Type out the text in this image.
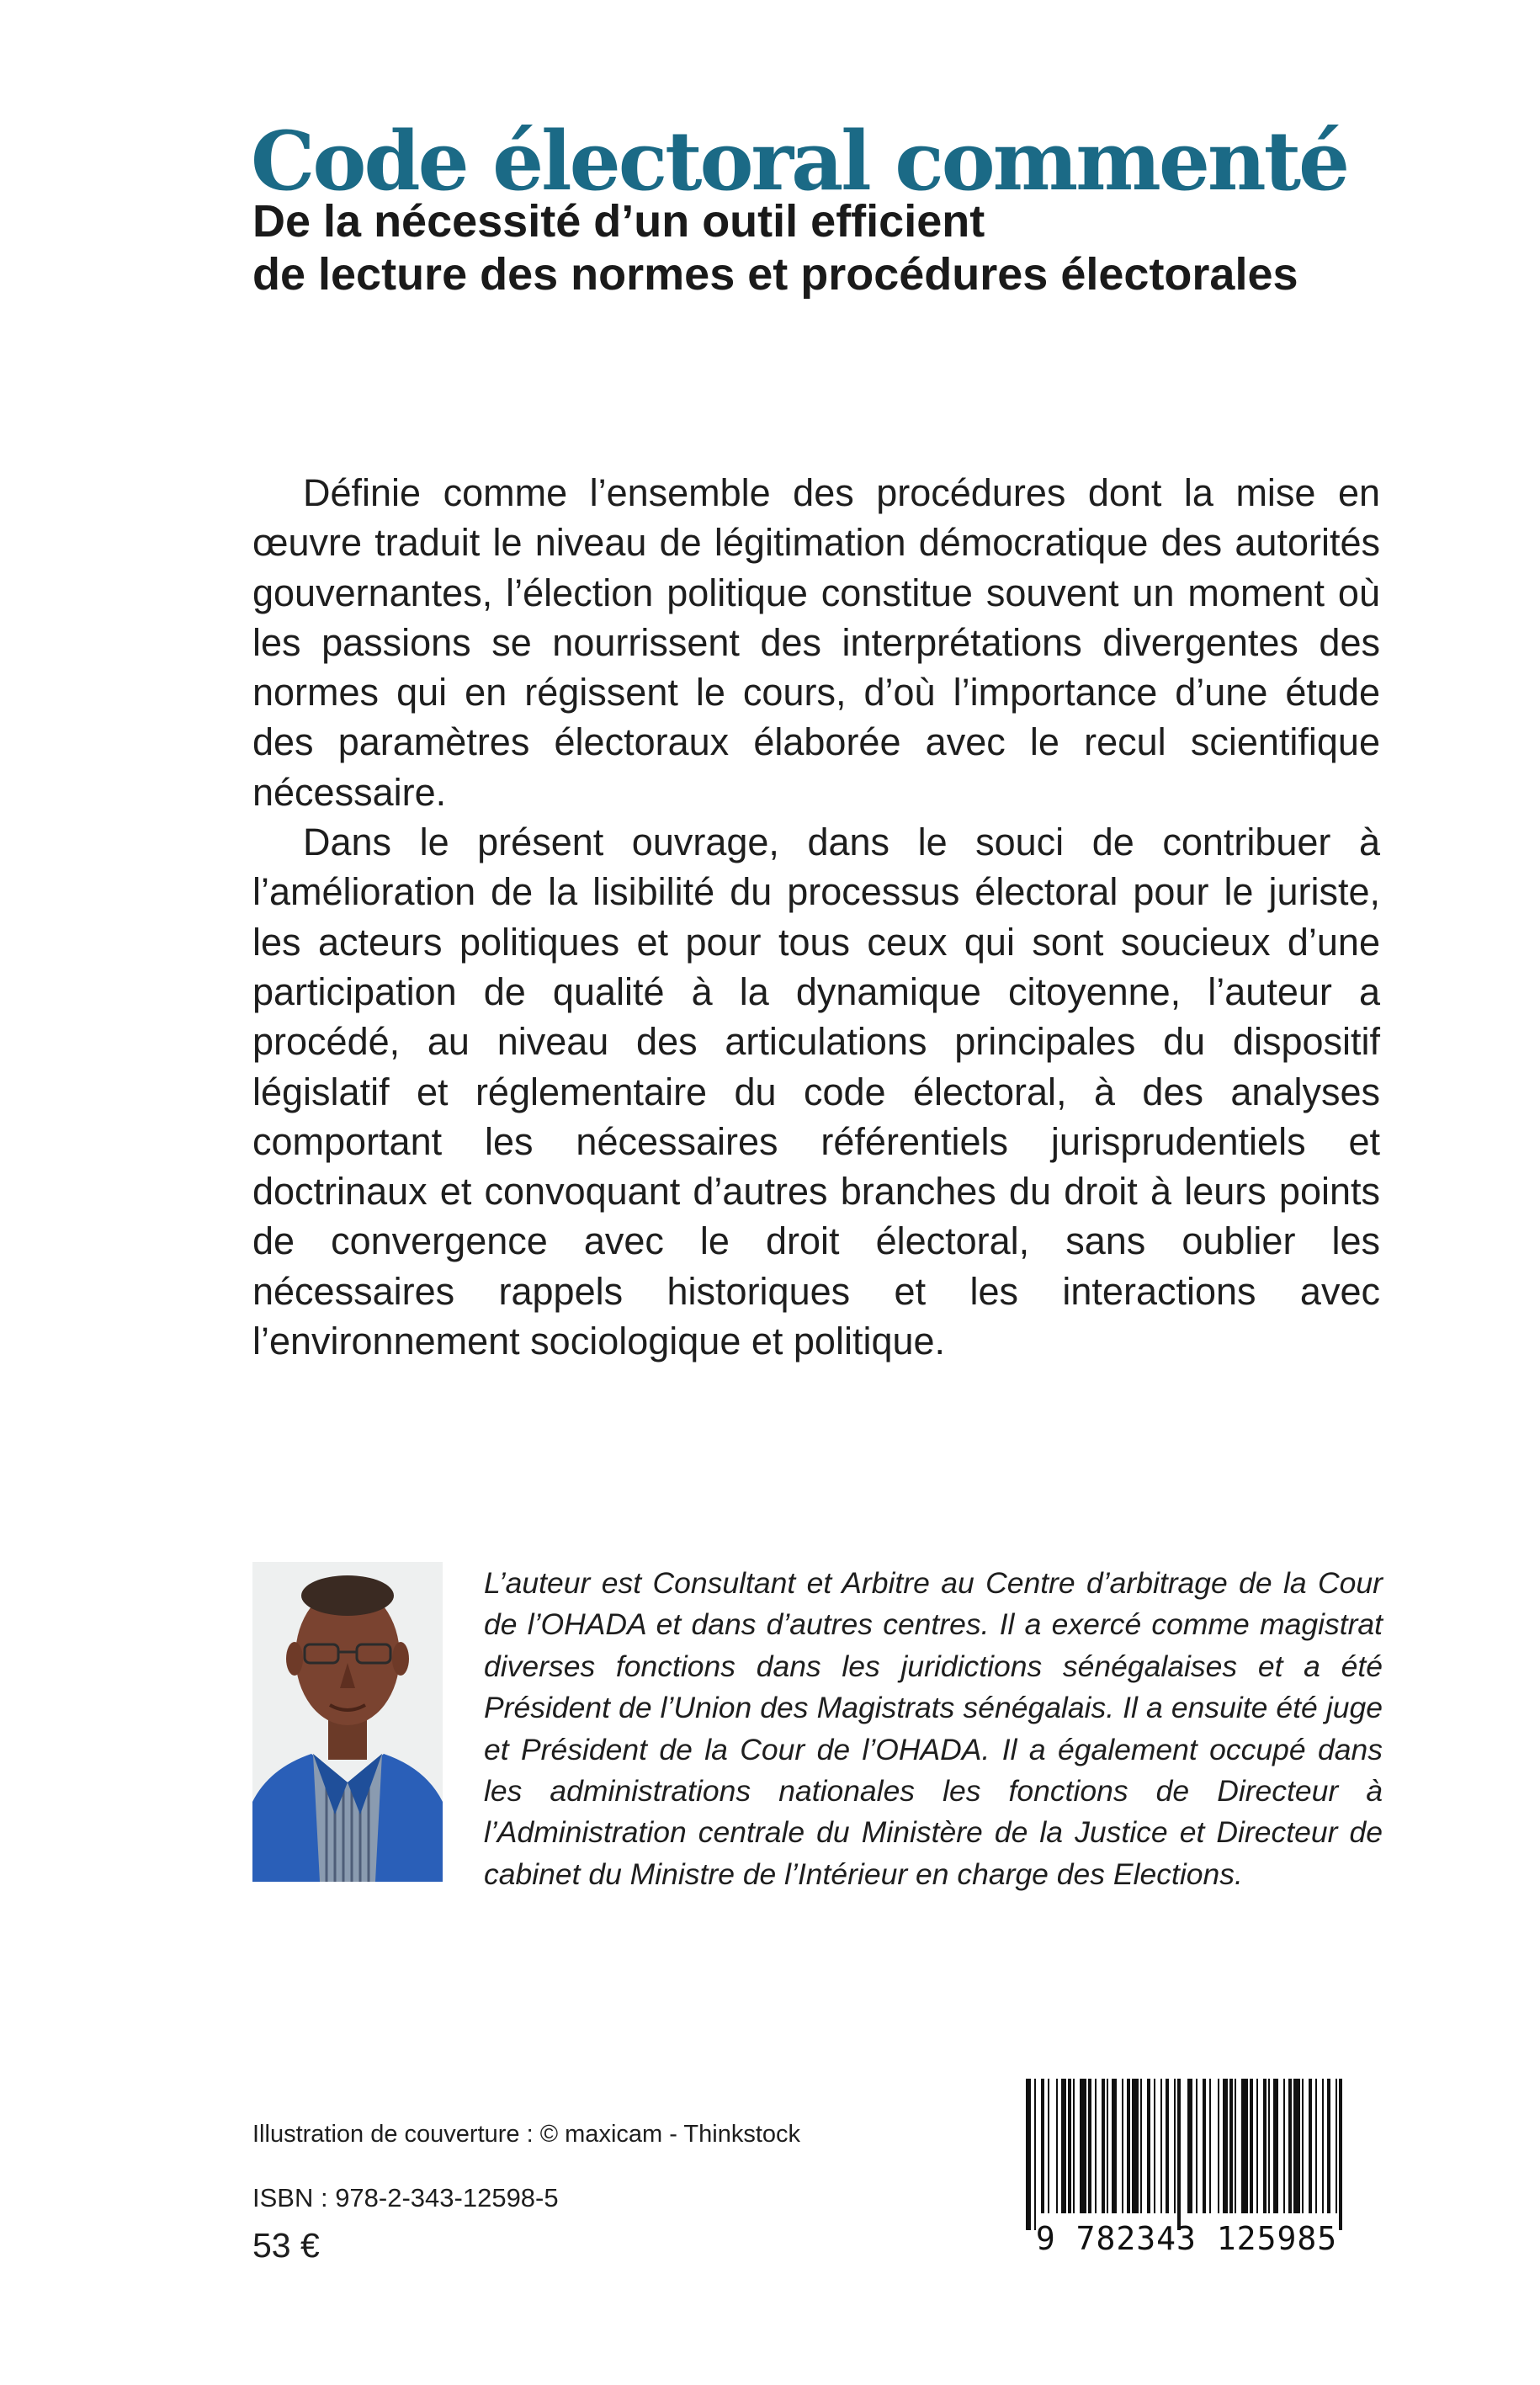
Code électoral commenté
De la nécessité d’un outil efficient
de lecture des normes et procédures électorales

Définie comme l’ensemble des procédures dont la mise en œuvre traduit le niveau de légitimation démocratique des autorités gouvernantes, l’élection politique constitue souvent un moment où les passions se nourrissent des interprétations divergentes des normes qui en régissent le cours, d’où l’importance d’une étude des paramètres électoraux élaborée avec le recul scientifique nécessaire.

Dans le présent ouvrage, dans le souci de contribuer à l’amélioration de la lisibilité du processus électoral pour le juriste, les acteurs politiques et pour tous ceux qui sont soucieux d’une participation de qualité à la dynamique citoyenne, l’auteur a procédé, au niveau des articulations principales du dispositif législatif et réglementaire du code électoral, à des analyses comportant les nécessaires référentiels jurisprudentiels et doctrinaux et convoquant d’autres branches du droit à leurs points de convergence avec le droit électoral, sans oublier les nécessaires rappels historiques et les interactions avec l’environnement sociologique et politique.

L’auteur est Consultant et Arbitre au Centre d’arbitrage de la Cour de l’OHADA et dans d’autres centres. Il a exercé comme magistrat diverses fonctions dans les juridictions sénégalaises et a été Président de l’Union des Magistrats sénégalais. Il a ensuite été juge et Président de la Cour de l’OHADA. Il a également occupé dans les administrations nationales les fonctions de Directeur à l’Administration centrale du Ministère de la Justice et Directeur de cabinet du Ministre de l’Intérieur en charge des Elections.

Illustration de couverture : © maxicam - Thinkstock
ISBN : 978-2-343-12598-5
53 €	9 782343 125985
